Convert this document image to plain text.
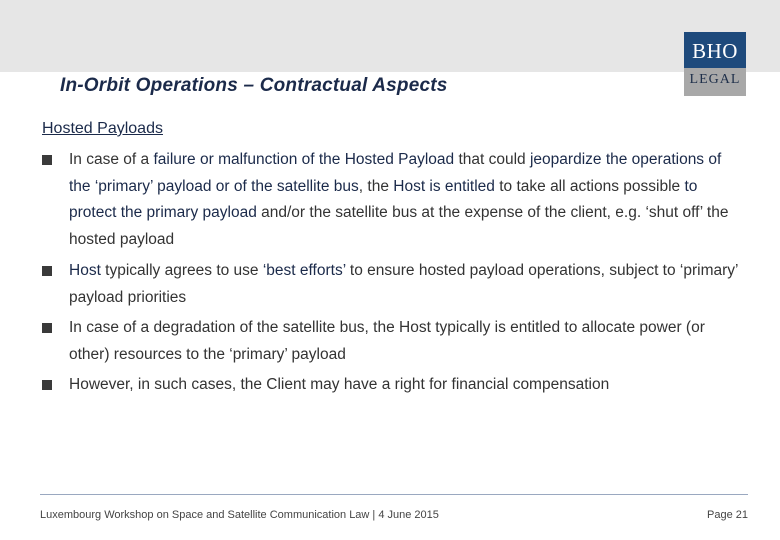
In-Orbit Operations – Contractual Aspects
BHO
LEGAL
Hosted Payloads
In case of a failure or malfunction of the Hosted Payload that could jeopardize the operations of the ‘primary’ payload or of the satellite bus, the Host is entitled to take all actions possible to protect the primary payload and/or the satellite bus at the expense of the client, e.g. ‘shut off’ the hosted payload
Host typically agrees to use ‘best efforts’ to ensure hosted payload operations, subject to ‘primary’ payload priorities
In case of a degradation of the satellite bus, the Host typically is entitled to allocate power (or other) resources to the ‘primary’ payload
However, in such cases, the Client may have a right for financial compensation
Luxembourg Workshop on Space and Satellite Communication Law | 4 June 2015	Page 21
